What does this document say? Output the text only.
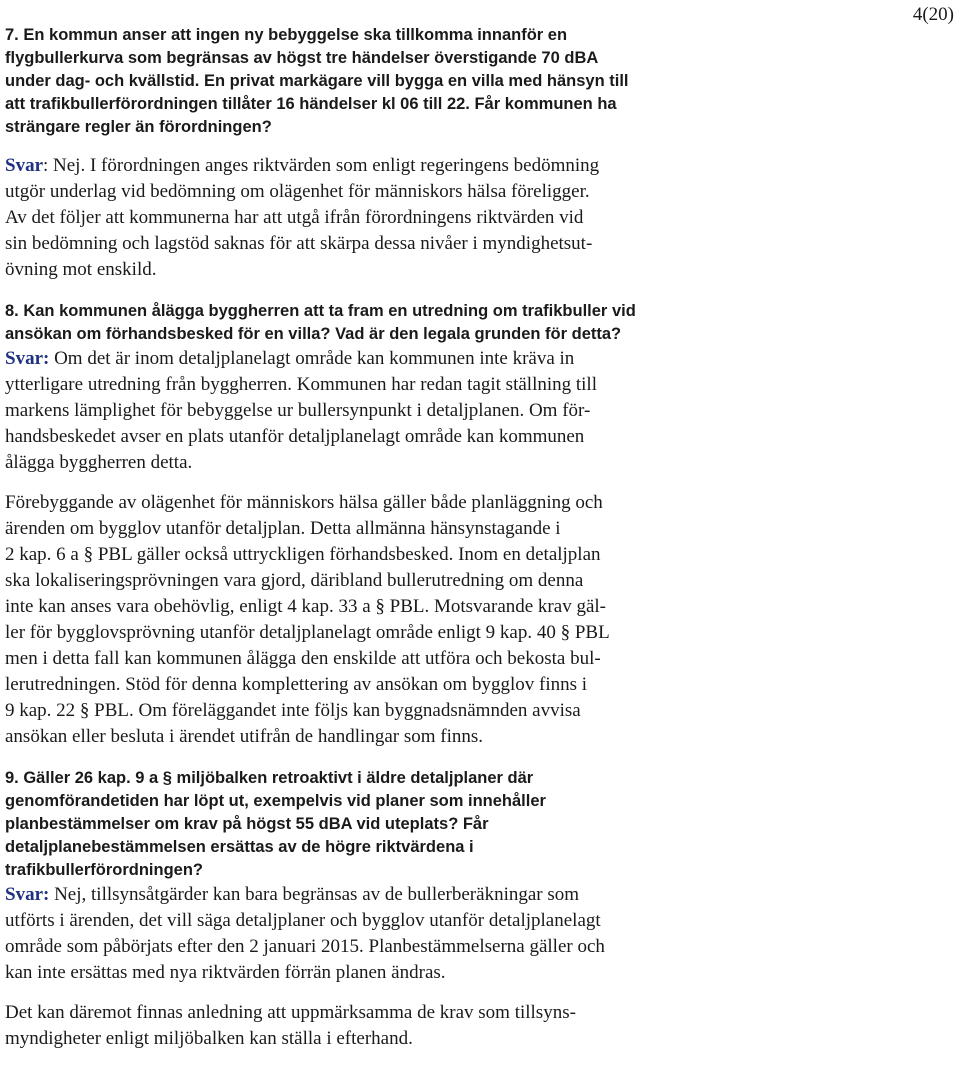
4(20)

7. En kommun anser att ingen ny bebyggelse ska tillkomma innanför en
flygbullerkurva som begränsas av högst tre händelser överstigande 70 dBA
under dag- och kvällstid. En privat markägare vill bygga en villa med hänsyn till
att trafikbullerförordningen tillåter 16 händelser kl 06 till 22. Får kommunen ha
strängare regler än förordningen?

Svar: Nej. I förordningen anges riktvärden som enligt regeringens bedömning
utgör underlag vid bedömning om olägenhet för människors hälsa föreligger.
Av det följer att kommunerna har att utgå ifrån förordningens riktvärden vid
sin bedömning och lagstöd saknas för att skärpa dessa nivåer i myndighetsut-
övning mot enskild.

8. Kan kommunen ålägga byggherren att ta fram en utredning om trafikbuller vid
ansökan om förhandsbesked för en villa? Vad är den legala grunden för detta?

Svar: Om det är inom detaljplanelagt område kan kommunen inte kräva in
ytterligare utredning från byggherren. Kommunen har redan tagit ställning till
markens lämplighet för bebyggelse ur bullersynpunkt i detaljplanen. Om för-
handsbeskedet avser en plats utanför detaljplanelagt område kan kommunen
ålägga byggherren detta.

Förebyggande av olägenhet för människors hälsa gäller både planläggning och
ärenden om bygglov utanför detaljplan. Detta allmänna hänsynstagande i
2 kap. 6 a § PBL gäller också uttryckligen förhandsbesked. Inom en detaljplan
ska lokaliseringsprövningen vara gjord, däribland bullerutredning om denna
inte kan anses vara obehövlig, enligt 4 kap. 33 a § PBL. Motsvarande krav gäl-
ler för bygglovsprövning utanför detaljplanelagt område enligt 9 kap. 40 § PBL
men i detta fall kan kommunen ålägga den enskilde att utföra och bekosta bul-
lerutredningen. Stöd för denna komplettering av ansökan om bygglov finns i
9 kap. 22 § PBL. Om föreläggandet inte följs kan byggnadsnämnden avvisa
ansökan eller besluta i ärendet utifrån de handlingar som finns.

9. Gäller 26 kap. 9 a § miljöbalken retroaktivt i äldre detaljplaner där
genomförandetiden har löpt ut, exempelvis vid planer som innehåller
planbestämmelser om krav på högst 55 dBA vid uteplats? Får
detaljplanebestämmelsen ersättas av de högre riktvärdena i
trafikbullerförordningen?

Svar: Nej, tillsynsåtgärder kan bara begränsas av de bullerberäkningar som
utförts i ärenden, det vill säga detaljplaner och bygglov utanför detaljplanelagt
område som påbörjats efter den 2 januari 2015. Planbestämmelserna gäller och
kan inte ersättas med nya riktvärden förrän planen ändras.

Det kan däremot finnas anledning att uppmärksamma de krav som tillsyns-
myndigheter enligt miljöbalken kan ställa i efterhand.
